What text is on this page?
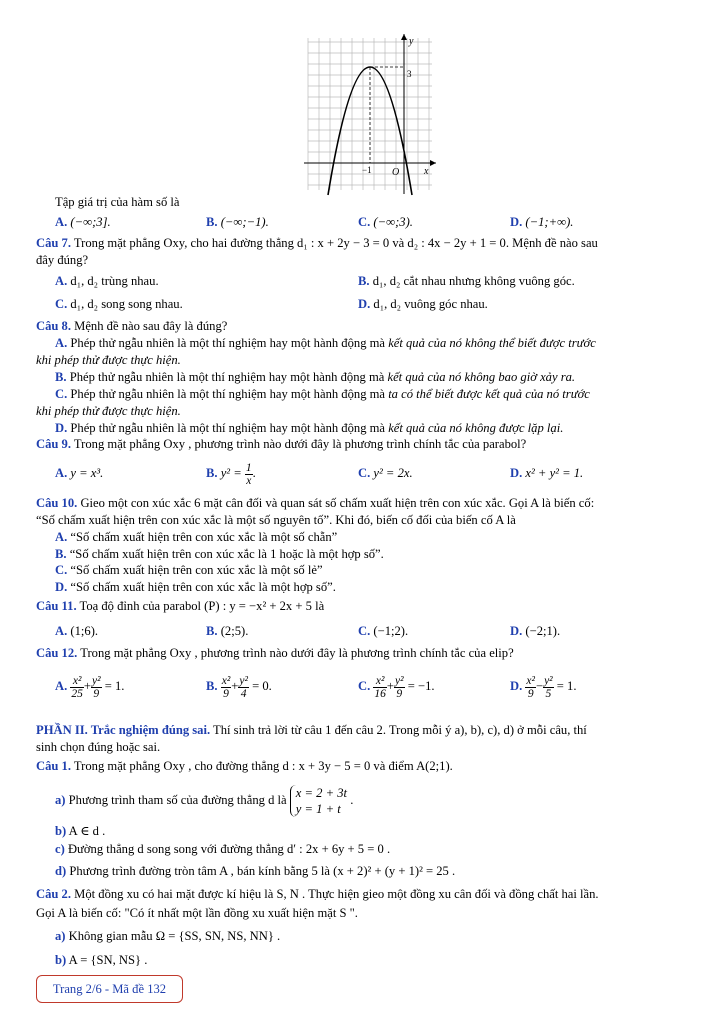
y
x
3
−1 O
Tập giá trị của hàm số là
A. (−∞;3].	B. (−∞;−1).	C. (−∞;3).	D. (−1;+∞).
Câu 7. Trong mặt phẳng Oxy, cho hai đường thẳng d₁ : x + 2y − 3 = 0 và d₂ : 4x − 2y + 1 = 0. Mệnh đề nào sau
đây đúng?
A. d₁, d₂ trùng nhau.	B. d₁, d₂ cắt nhau nhưng không vuông góc.
C. d₁, d₂ song song nhau.	D. d₁, d₂ vuông góc nhau.
Câu 8. Mệnh đề nào sau đây là đúng?
A. Phép thử ngẫu nhiên là một thí nghiệm hay một hành động mà kết quả của nó không thể biết được trước
khi phép thử được thực hiện.
B. Phép thử ngẫu nhiên là một thí nghiệm hay một hành động mà kết quả của nó không bao giờ xảy ra.
C. Phép thử ngẫu nhiên là một thí nghiệm hay một hành động mà ta có thể biết được kết quả của nó trước
khi phép thử được thực hiện.
D. Phép thử ngẫu nhiên là một thí nghiệm hay một hành động mà kết quả của nó không được lặp lại.
Câu 9. Trong mặt phẳng Oxy , phương trình nào dưới đây là phương trình chính tắc của parabol?
A. y = x³.	B. $y^2 = \frac{1}{x}$ .	C. y² = 2x.	D. x² + y² = 1.
Câu 10. Gieo một con xúc xắc 6 mặt cân đối và quan sát số chấm xuất hiện trên con xúc xắc. Gọi A là biến cố:
“Số chấm xuất hiện trên con xúc xắc là một số nguyên tố”. Khi đó, biến cố đối của biến cố A là
A. “Số chấm xuất hiện trên con xúc xắc là một số chẵn”
B. “Số chấm xuất hiện trên con xúc xắc là 1 hoặc là một hợp số”.
C. “Số chấm xuất hiện trên con xúc xắc là một số lẻ”
D. “Số chấm xuất hiện trên con xúc xắc là một hợp số”.
Câu 11. Toạ độ đỉnh của parabol (P) : y = −x² + 2x + 5 là
A. (1;6).	B. (2;5).	C. (−1;2).	D. (−2;1).
Câu 12. Trong mặt phẳng Oxy , phương trình nào dưới đây là phương trình chính tắc của elip?
A. $\frac{\text{x²}}{25} + \frac{\text{y²}}{9} = 1$.	B. $\frac{\text{x²}}{9} + \frac{\text{y²}}{4} = 0$.	C. $\frac{\text{x²}}{16} + \frac{\text{y²}}{9} = -1$.	D. $\frac{\text{x²}}{9} - \frac{\text{y²}}{5} = 1$.
PHẦN II. Trắc nghiệm đúng sai. Thí sinh trả lời từ câu 1 đến câu 2. Trong mỗi ý a), b), c), d) ở mỗi câu, thí
sinh chọn đúng hoặc sai.
Câu 1. Trong mặt phẳng Oxy , cho đường thẳng d : x + 3y − 5 = 0 và điểm A(2;1).
a) Phương trình tham số của đường thẳng d là x = 2 + 3t
y = 1 + t
.
b) A ∈ d .
c) Đường thẳng d song song với đường thẳng d′ : 2x + 6y + 5 = 0 .
d) Phương trình đường tròn tâm A , bán kính bằng 5 là (x + 2)² + (y + 1)² = 25 .
Câu 2. Một đồng xu có hai mặt được kí hiệu là S, N . Thực hiện gieo một đồng xu cân đối và đồng chất hai lần.
Gọi A là biến cố: "Có ít nhất một lần đồng xu xuất hiện mặt S ".
a) Không gian mẫu Ω = {SS, SN, NS, NN} .
b) A = {SN, NS} .
Trang 2/6 - Mã đề 132
